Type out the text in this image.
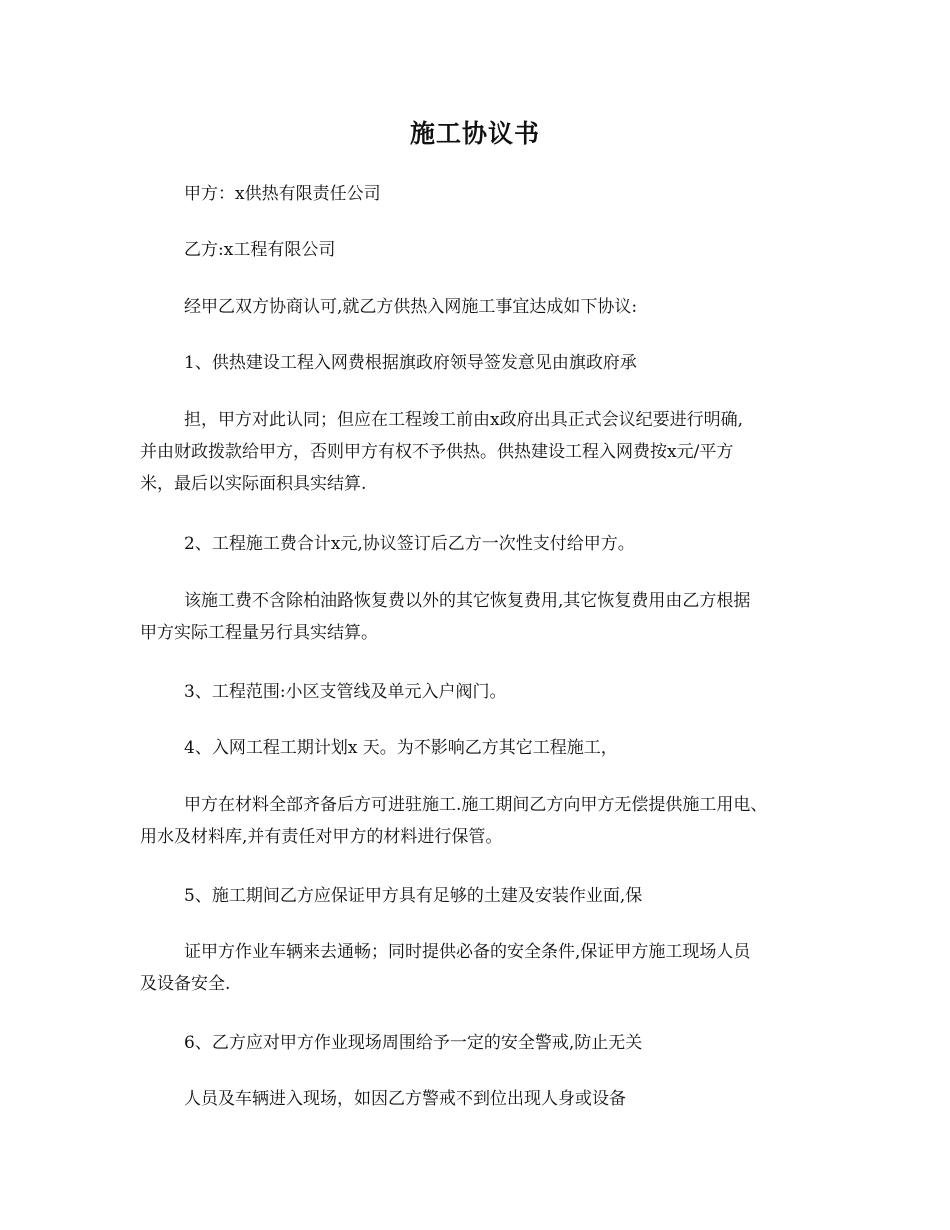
施工协议书

甲方：x供热有限责任公司

乙方:x工程有限公司

经甲乙双方协商认可,就乙方供热入网施工事宜达成如下协议:

1、供热建设工程入网费根据旗政府领导签发意见由旗政府承

担，甲方对此认同；但应在工程竣工前由x政府出具正式会议纪要进行明确,
并由财政拨款给甲方，否则甲方有权不予供热。供热建设工程入网费按x元/平方
米，最后以实际面积具实结算.

2、工程施工费合计x元,协议签订后乙方一次性支付给甲方。

该施工费不含除柏油路恢复费以外的其它恢复费用,其它恢复费用由乙方根据
甲方实际工程量另行具实结算。

3、工程范围:小区支管线及单元入户阀门。

4、入网工程工期计划x 天。为不影响乙方其它工程施工，

甲方在材料全部齐备后方可进驻施工.施工期间乙方向甲方无偿提供施工用电、
用水及材料库,并有责任对甲方的材料进行保管。

5、施工期间乙方应保证甲方具有足够的土建及安装作业面,保

证甲方作业车辆来去通畅；同时提供必备的安全条件,保证甲方施工现场人员
及设备安全.

6、乙方应对甲方作业现场周围给予一定的安全警戒,防止无关

人员及车辆进入现场，如因乙方警戒不到位出现人身或设备
